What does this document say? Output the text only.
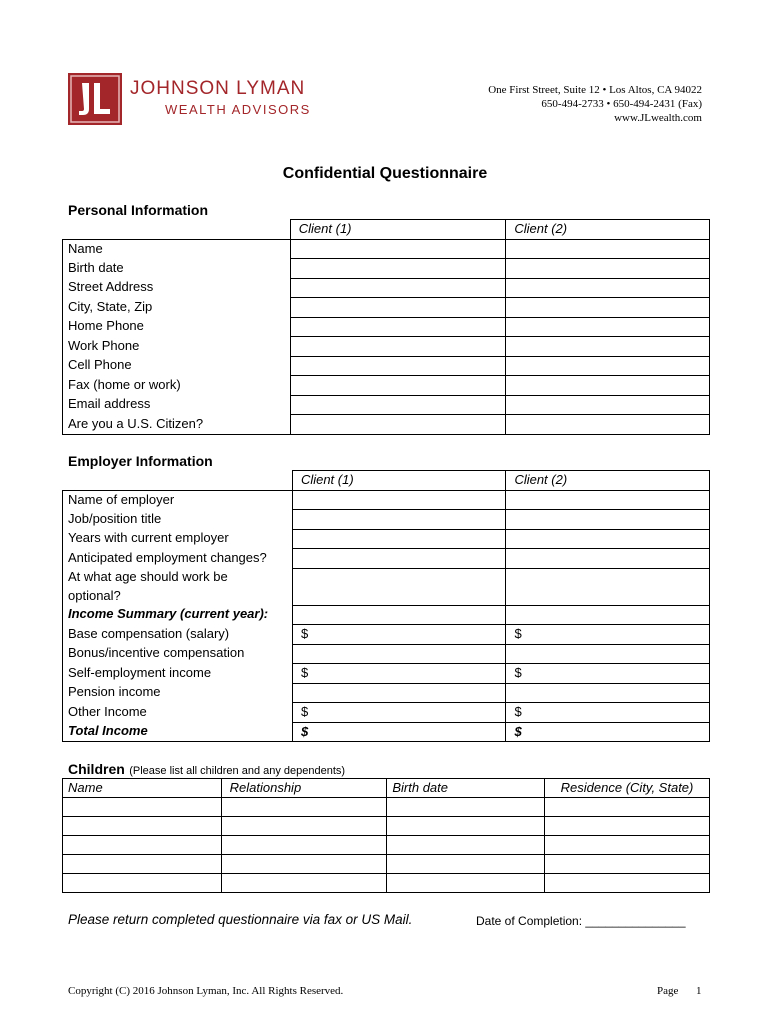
JOHNSON LYMAN
WEALTH ADVISORS
One First Street, Suite 12 • Los Altos, CA 94022
650-494-2733 • 650-494-2431 (Fax)
www.JLwealth.com
Confidential Questionnaire
Personal Information
	Client (1)	Client (2)
Name		
Birth date		
Street Address		
City, State, Zip		
Home Phone		
Work Phone		
Cell Phone		
Fax (home or work)		
Email address		
Are you a U.S. Citizen?		
Employer Information
	Client (1)	Client (2)
Name of employer		
Job/position title		
Years with current employer		
Anticipated employment changes?		
At what age should work be		
optional?		
Income Summary (current year):		
Base compensation (salary)	$	$
Bonus/incentive compensation		
Self-employment income	$	$
Pension income		
Other Income	$	$
Total Income	$	$
Children (Please list all children and any dependents)
Name	Relationship	Birth date	Residence (City, State)

Please return completed questionnaire via fax or US Mail.	Date of Completion: _______________
Copyright (C) 2016 Johnson Lyman, Inc. All Rights Reserved.	Page 1
